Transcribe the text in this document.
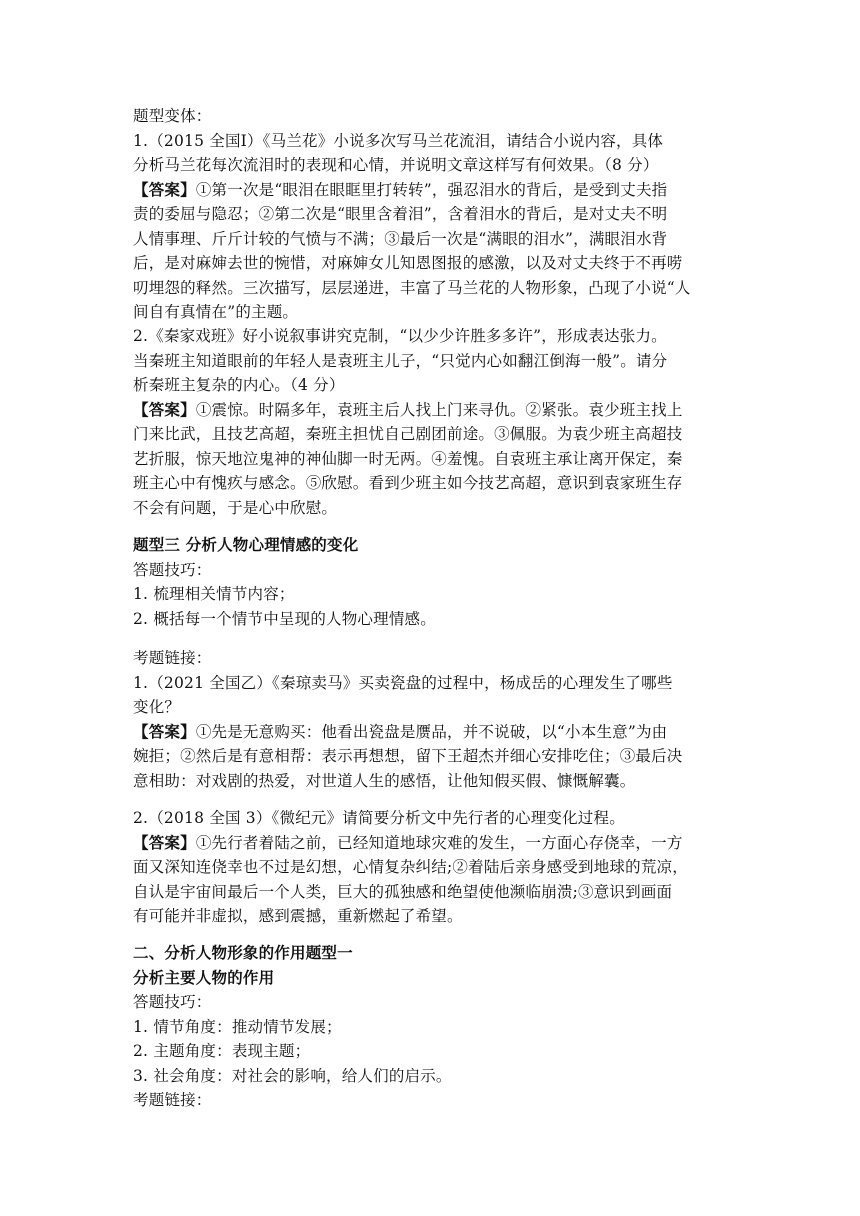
题型变体：
1.（2015 全国Ⅰ）《马兰花》小说多次写马兰花流泪，请结合小说内容，具体
分析马兰花每次流泪时的表现和心情，并说明文章这样写有何效果。（8 分）
【答案】①第一次是“眼泪在眼眶里打转转”，强忍泪水的背后，是受到丈夫指
责的委屈与隐忍；②第二次是“眼里含着泪”，含着泪水的背后，是对丈夫不明
人情事理、斤斤计较的气愤与不满；③最后一次是“满眼的泪水”，满眼泪水背
后，是对麻婶去世的惋惜，对麻婶女儿知恩图报的感激，以及对丈夫终于不再唠
叨埋怨的释然。三次描写，层层递进，丰富了马兰花的人物形象，凸现了小说“人
间自有真情在”的主题。
2.《秦家戏班》好小说叙事讲究克制，“以少少许胜多多许”，形成表达张力。
当秦班主知道眼前的年轻人是袁班主儿子，“只觉内心如翻江倒海一般”。请分
析秦班主复杂的内心。（4 分）
【答案】①震惊。时隔多年，袁班主后人找上门来寻仇。②紧张。袁少班主找上
门来比武，且技艺高超，秦班主担忧自己剧团前途。③佩服。为袁少班主高超技
艺折服，惊天地泣鬼神的神仙脚一时无两。④羞愧。自袁班主承让离开保定，秦
班主心中有愧疚与感念。⑤欣慰。看到少班主如今技艺高超，意识到袁家班生存
不会有问题，于是心中欣慰。
题型三 分析人物心理情感的变化
答题技巧：
1. 梳理相关情节内容；
2. 概括每一个情节中呈现的人物心理情感。
考题链接：
1.（2021 全国乙）《秦琼卖马》买卖瓷盘的过程中，杨成岳的心理发生了哪些
变化？
【答案】①先是无意购买：他看出瓷盘是赝品，并不说破，以“小本生意”为由
婉拒；②然后是有意相帮：表示再想想，留下王超杰并细心安排吃住；③最后决
意相助：对戏剧的热爱，对世道人生的感悟，让他知假买假、慷慨解囊。
2.（2018 全国 3）《微纪元》请简要分析文中先行者的心理变化过程。
【答案】①先行者着陆之前，已经知道地球灾难的发生，一方面心存侥幸，一方
面又深知连侥幸也不过是幻想，心情复杂纠结;②着陆后亲身感受到地球的荒凉，
自认是宇宙间最后一个人类，巨大的孤独感和绝望使他濒临崩溃;③意识到画面
有可能并非虚拟，感到震撼，重新燃起了希望。
二、分析人物形象的作用题型一
分析主要人物的作用
答题技巧：
1. 情节角度：推动情节发展；
2. 主题角度：表现主题；
3. 社会角度：对社会的影响，给人们的启示。
考题链接：
